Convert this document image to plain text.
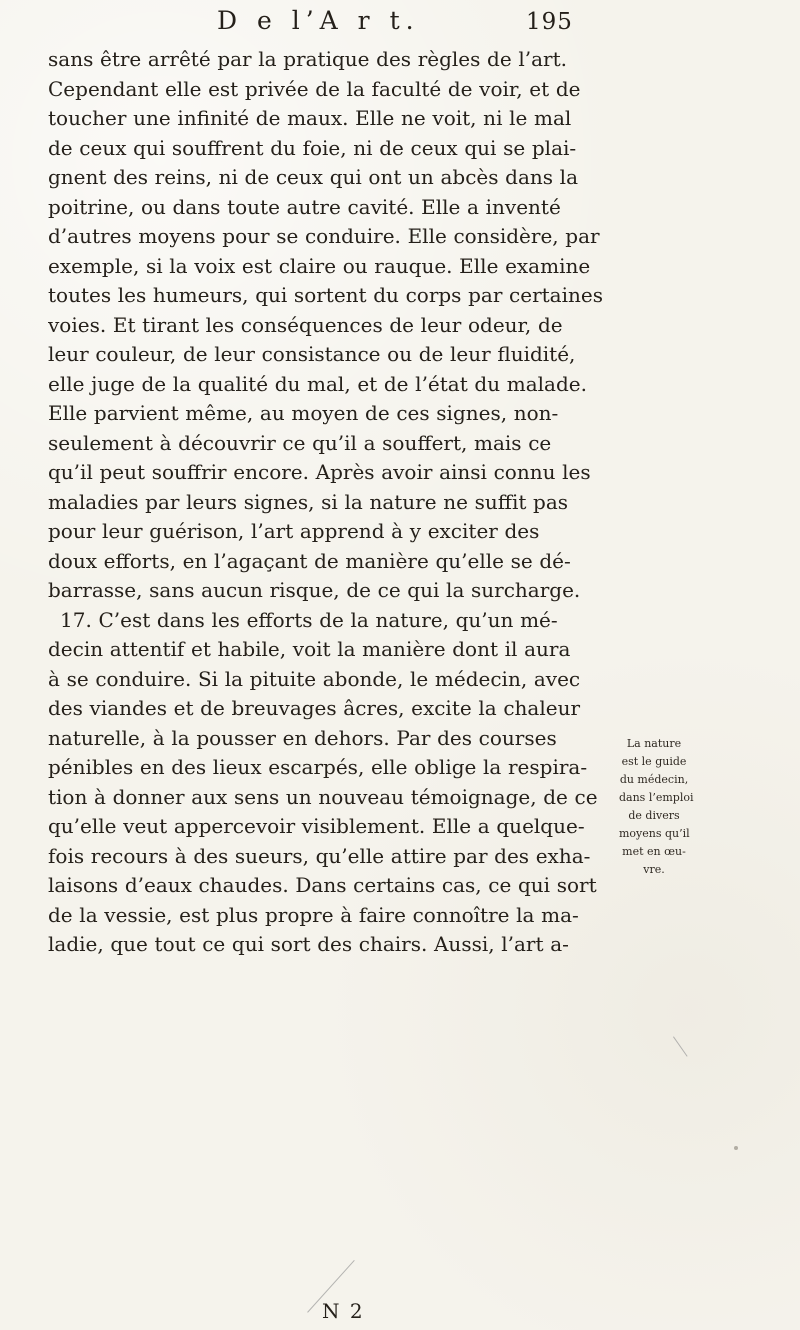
D e l’A r t.	195
sans être arrêté par la pratique des règles de l’art.
Cependant elle est privée de la faculté de voir, et de
toucher une infinité de maux. Elle ne voit, ni le mal
de ceux qui souffrent du foie, ni de ceux qui se plai-
gnent des reins, ni de ceux qui ont un abcès dans la
poitrine, ou dans toute autre cavité. Elle a inventé
d’autres moyens pour se conduire. Elle considère, par
exemple, si la voix est claire ou rauque. Elle examine
toutes les humeurs, qui sortent du corps par certaines
voies. Et tirant les conséquences de leur odeur, de
leur couleur, de leur consistance ou de leur fluidité,
elle juge de la qualité du mal, et de l’état du malade.
Elle parvient même, au moyen de ces signes, non-
seulement à découvrir ce qu’il a souffert, mais ce
qu’il peut souffrir encore. Après avoir ainsi connu les
maladies par leurs signes, si la nature ne suffit pas
pour leur guérison, l’art apprend à y exciter des
doux efforts, en l’agaçant de manière qu’elle se dé-
barrasse, sans aucun risque, de ce qui la surcharge.
17. C’est dans les efforts de la nature, qu’un mé-
decin attentif et habile, voit la manière dont il aura
à se conduire. Si la pituite abonde, le médecin, avec
des viandes et de breuvages âcres, excite la chaleur
naturelle, à la pousser en dehors. Par des courses
pénibles en des lieux escarpés, elle oblige la respira-
tion à donner aux sens un nouveau témoignage, de ce
qu’elle veut appercevoir visiblement. Elle a quelque-
fois recours à des sueurs, qu’elle attire par des exha-
laisons d’eaux chaudes. Dans certains cas, ce qui sort
de la vessie, est plus propre à faire connoître la ma-
ladie, que tout ce qui sort des chairs. Aussi, l’art a-
La nature
est le guide
du médecin,
dans l’emploi
de divers
moyens qu’il
met en œu-
vre.
N 2
